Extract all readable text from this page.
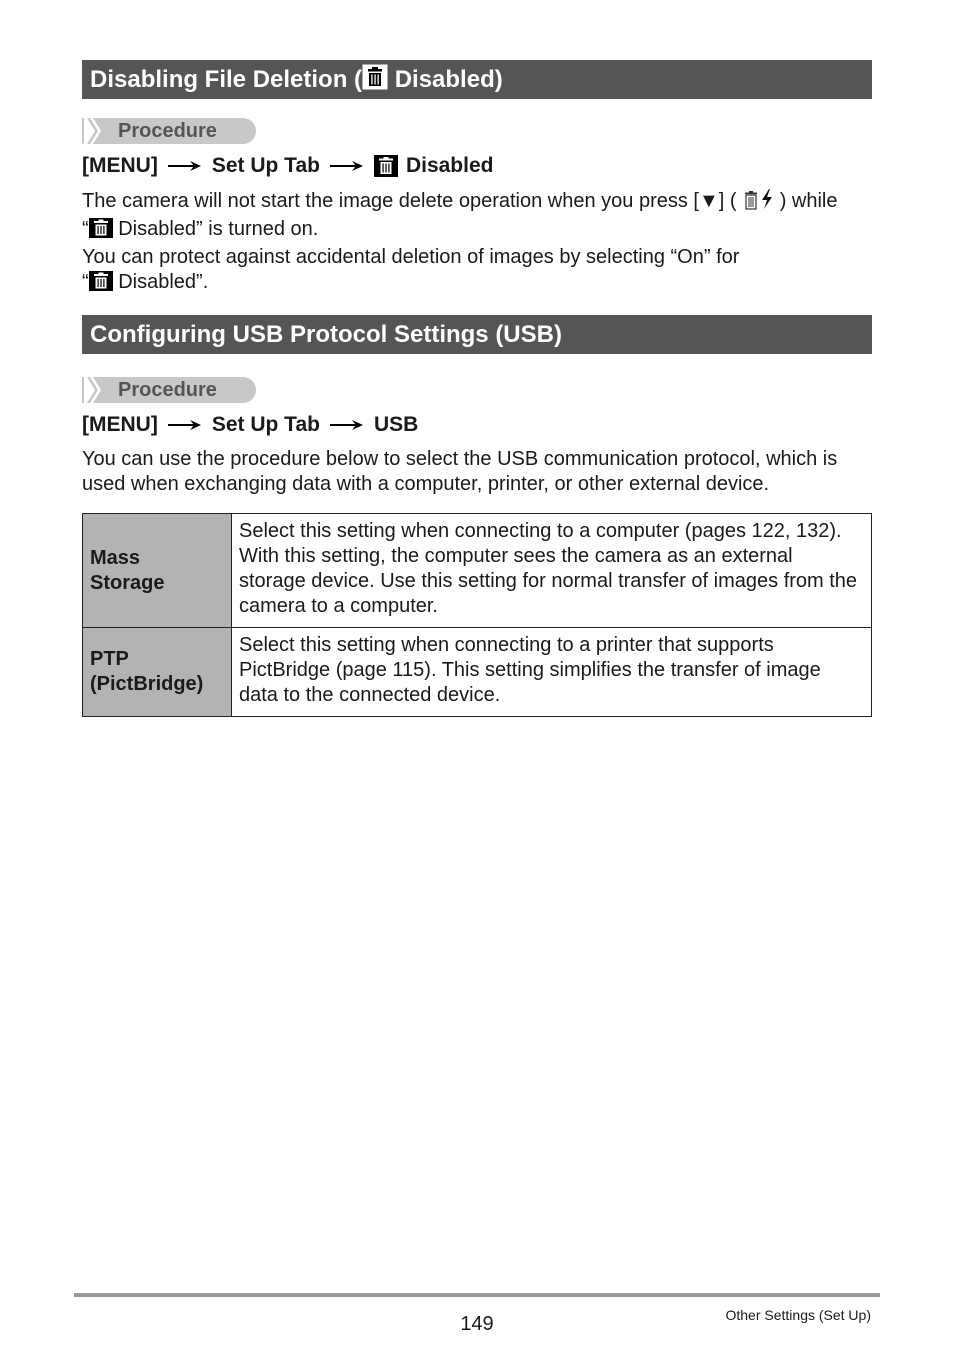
Disabling File Deletion ( Disabled)
Procedure
[MENU]	Set Up Tab	Disabled
The camera will not start the image delete operation when you press [▼] ( ) while
“ Disabled” is turned on.
You can protect against accidental deletion of images by selecting “On” for
“ Disabled”.
Configuring USB Protocol Settings (USB)
Procedure
[MENU]	Set Up Tab	USB
You can use the procedure below to select the USB communication protocol, which is used when exchanging data with a computer, printer, or other external device.
Mass
Storage	Select this setting when connecting to a computer (pages 122, 132). With this setting, the computer sees the camera as an external storage device. Use this setting for normal transfer of images from the camera to a computer.
PTP
(PictBridge)	Select this setting when connecting to a printer that supports PictBridge (page 115). This setting simplifies the transfer of image data to the connected device.
149	Other Settings (Set Up)
